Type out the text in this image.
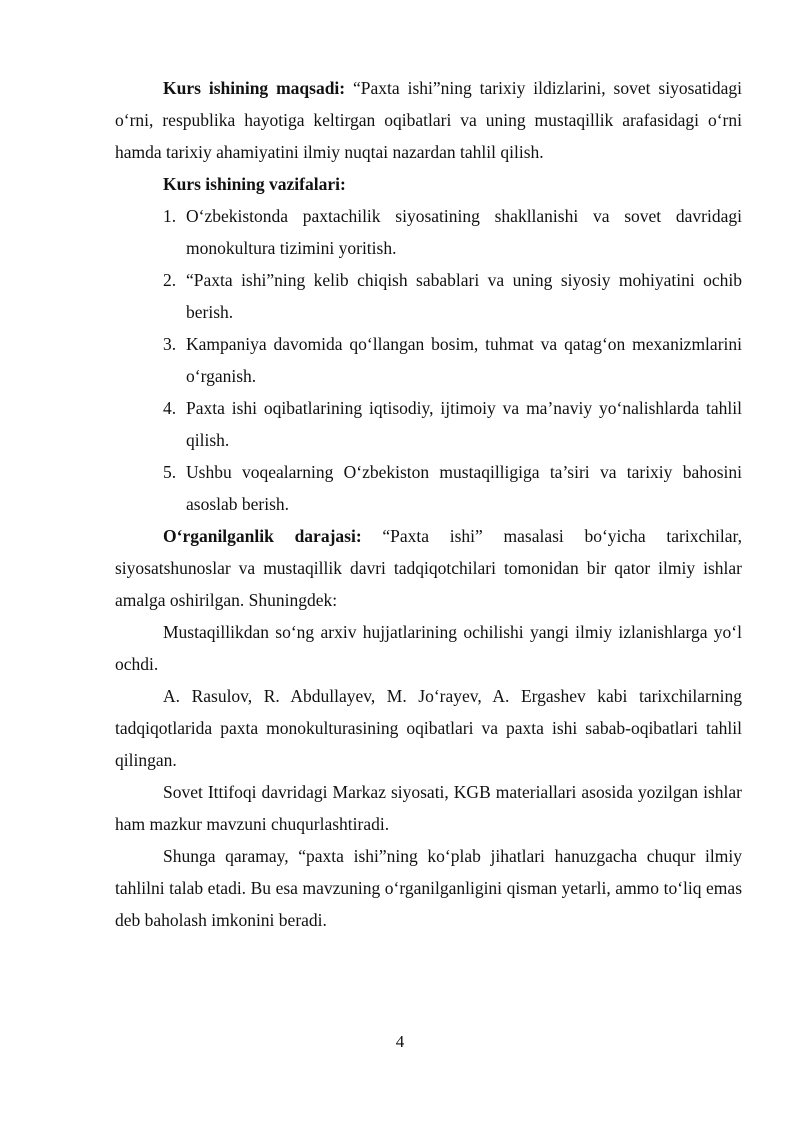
Kurs ishining maqsadi: “Paxta ishi”ning tarixiy ildizlarini, sovet siyosatidagi o‘rni, respublika hayotiga keltirgan oqibatlari va uning mustaqillik arafasidagi o‘rni hamda tarixiy ahamiyatini ilmiy nuqtai nazardan tahlil qilish.

Kurs ishining vazifalari:

1. O‘zbekistonda paxtachilik siyosatining shakllanishi va sovet davridagi monokultura tizimini yoritish.
2. “Paxta ishi”ning kelib chiqish sabablari va uning siyosiy mohiyatini ochib berish.
3. Kampaniya davomida qo‘llangan bosim, tuhmat va qatag‘on mexanizmlarini o‘rganish.
4. Paxta ishi oqibatlarining iqtisodiy, ijtimoiy va ma’naviy yo‘nalishlarda tahlil qilish.
5. Ushbu voqealarning O‘zbekiston mustaqilligiga ta’siri va tarixiy bahosini asoslab berish.

O‘rganilganlik darajasi: “Paxta ishi” masalasi bo‘yicha tarixchilar, siyosatshunoslar va mustaqillik davri tadqiqotchilari tomonidan bir qator ilmiy ishlar amalga oshirilgan. Shuningdek:

Mustaqillikdan so‘ng arxiv hujjatlarining ochilishi yangi ilmiy izlanishlarga yo‘l ochdi.

A. Rasulov, R. Abdullayev, M. Jo‘rayev, A. Ergashev kabi tarixchilarning tadqiqotlarida paxta monokulturasining oqibatlari va paxta ishi sabab-oqibatlari tahlil qilingan.

Sovet Ittifoqi davridagi Markaz siyosati, KGB materiallari asosida yozilgan ishlar ham mazkur mavzuni chuqurlashtiradi.

Shunga qaramay, “paxta ishi”ning ko‘plab jihatlari hanuzgacha chuqur ilmiy tahlilni talab etadi. Bu esa mavzuning o‘rganilganligini qisman yetarli, ammo to‘liq emas deb baholash imkonini beradi.

4
